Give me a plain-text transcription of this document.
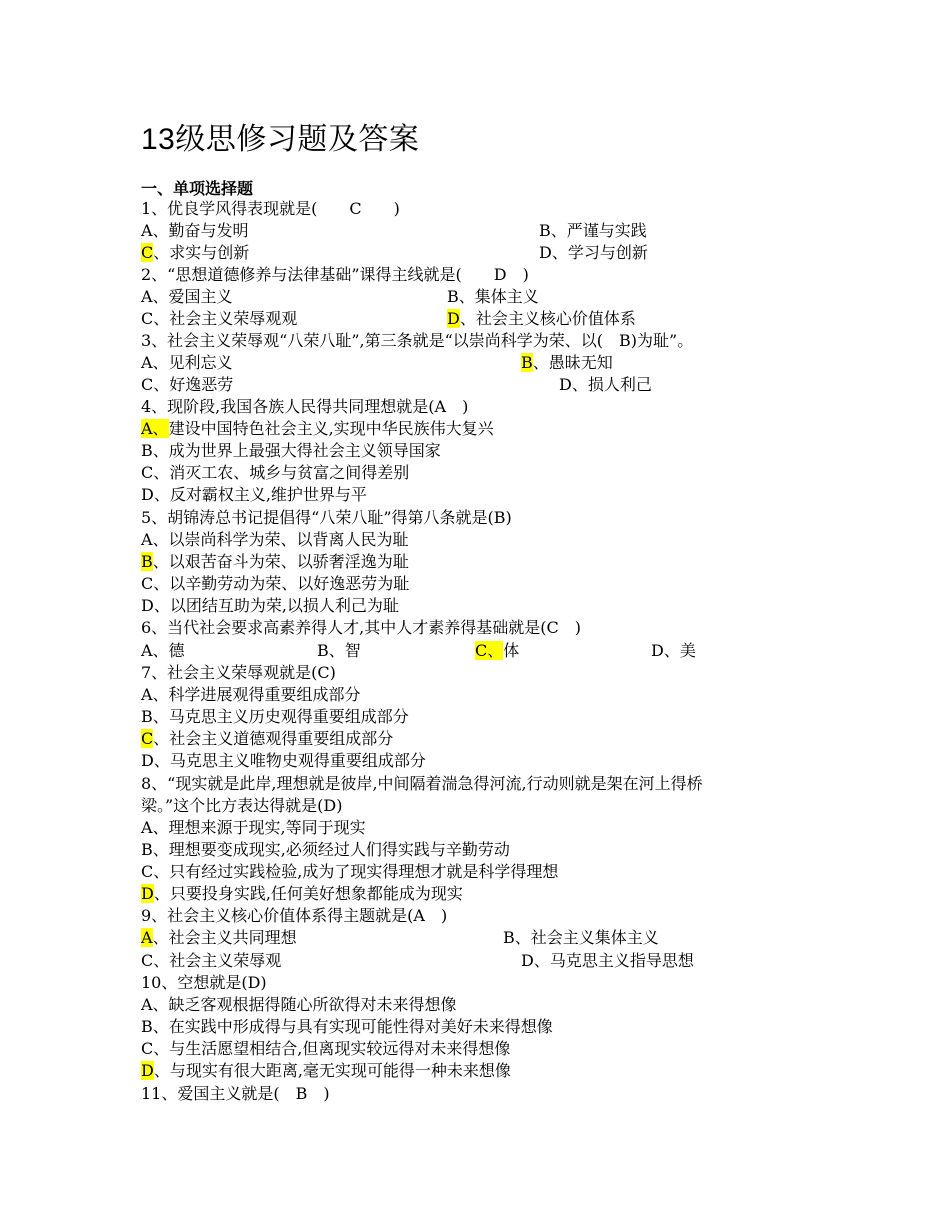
13级思修习题及答案
一、单项选择题
1、优良学风得表现就是(　　C　　)
A、勤奋与发明	B、严谨与实践
C、求实与创新	D、学习与创新
2、“思想道德修养与法律基础”课得主线就是(　　D　)
A、爱国主义	B、集体主义
C、社会主义荣辱观观	D、社会主义核心价值体系
3、社会主义荣辱观“八荣八耻”,第三条就是“以崇尚科学为荣、以(　B)为耻”。
A、见利忘义	B、愚昧无知
C、好逸恶劳	D、损人利己
4、现阶段,我国各族人民得共同理想就是(A　)
A、建设中国特色社会主义,实现中华民族伟大复兴
B、成为世界上最强大得社会主义领导国家
C、消灭工农、城乡与贫富之间得差别
D、反对霸权主义,维护世界与平
5、胡锦涛总书记提倡得“八荣八耻”得第八条就是(B)
A、以崇尚科学为荣、以背离人民为耻
B、以艰苦奋斗为荣、以骄奢淫逸为耻
C、以辛勤劳动为荣、以好逸恶劳为耻
D、以团结互助为荣,以损人利己为耻
6、当代社会要求高素养得人才,其中人才素养得基础就是(C　)
A、德	B、智	C、体	D、美
7、社会主义荣辱观就是(C)
A、科学进展观得重要组成部分
B、马克思主义历史观得重要组成部分
C、社会主义道德观得重要组成部分
D、马克思主义唯物史观得重要组成部分
8、“现实就是此岸,理想就是彼岸,中间隔着湍急得河流,行动则就是架在河上得桥
梁。”这个比方表达得就是(D)
A、理想来源于现实,等同于现实
B、理想要变成现实,必须经过人们得实践与辛勤劳动
C、只有经过实践检验,成为了现实得理想才就是科学得理想
D、只要投身实践,任何美好想象都能成为现实
9、社会主义核心价值体系得主题就是(A　)
A、社会主义共同理想	B、社会主义集体主义
C、社会主义荣辱观	D、马克思主义指导思想
10、空想就是(D)
A、缺乏客观根据得随心所欲得对未来得想像
B、在实践中形成得与具有实现可能性得对美好未来得想像
C、与生活愿望相结合,但离现实较远得对未来得想像
D、与现实有很大距离,毫无实现可能得一种未来想像
11、爱国主义就是(　B　)
